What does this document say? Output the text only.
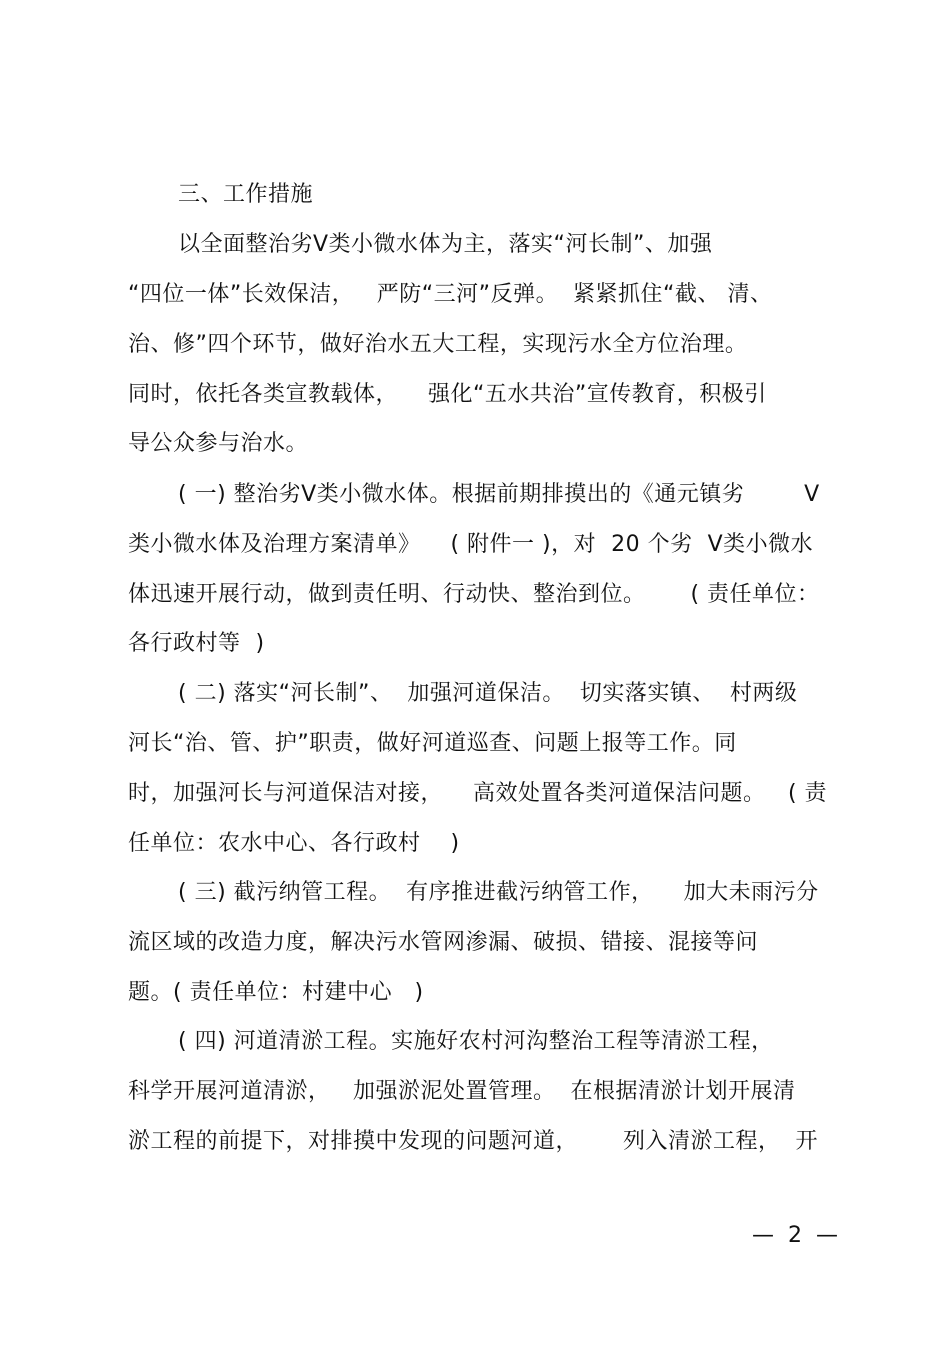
三、工作措施
以全面整治劣Ⅴ类小微水体为主，落实“河长制”、加强
“四位一体”长效保洁，   严防“三河”反弹。  紧紧抓住“截、 清、
治、修”四个环节，做好治水五大工程，实现污水全方位治理。
同时，依托各类宣教载体，    强化“五水共治”宣传教育，积极引
导公众参与治水。
( 一) 整治劣Ⅴ类小微水体。根据前期排摸出的《通元镇劣        Ⅴ
类小微水体及治理方案清单》    ( 附件一 )，对  20 个劣  Ⅴ类小微水
体迅速开展行动，做到责任明、行动快、整治到位。      ( 责任单位：
各行政村等  )
( 二) 落实“河长制”、  加强河道保洁。  切实落实镇、  村两级
河长“治、管、护”职责，做好河道巡查、问题上报等工作。同
时，加强河长与河道保洁对接，    高效处置各类河道保洁问题。   ( 责
任单位：农水中心、各行政村    )
( 三) 截污纳管工程。  有序推进截污纳管工作，    加大未雨污分
流区域的改造力度，解决污水管网渗漏、破损、错接、混接等问
题。( 责任单位：村建中心   )
( 四) 河道清淤工程。实施好农村河沟整治工程等清淤工程，
科学开展河道清淤，   加强淤泥处置管理。  在根据清淤计划开展清
淤工程的前提下，对排摸中发现的问题河道，      列入清淤工程，  开
—  2  —
